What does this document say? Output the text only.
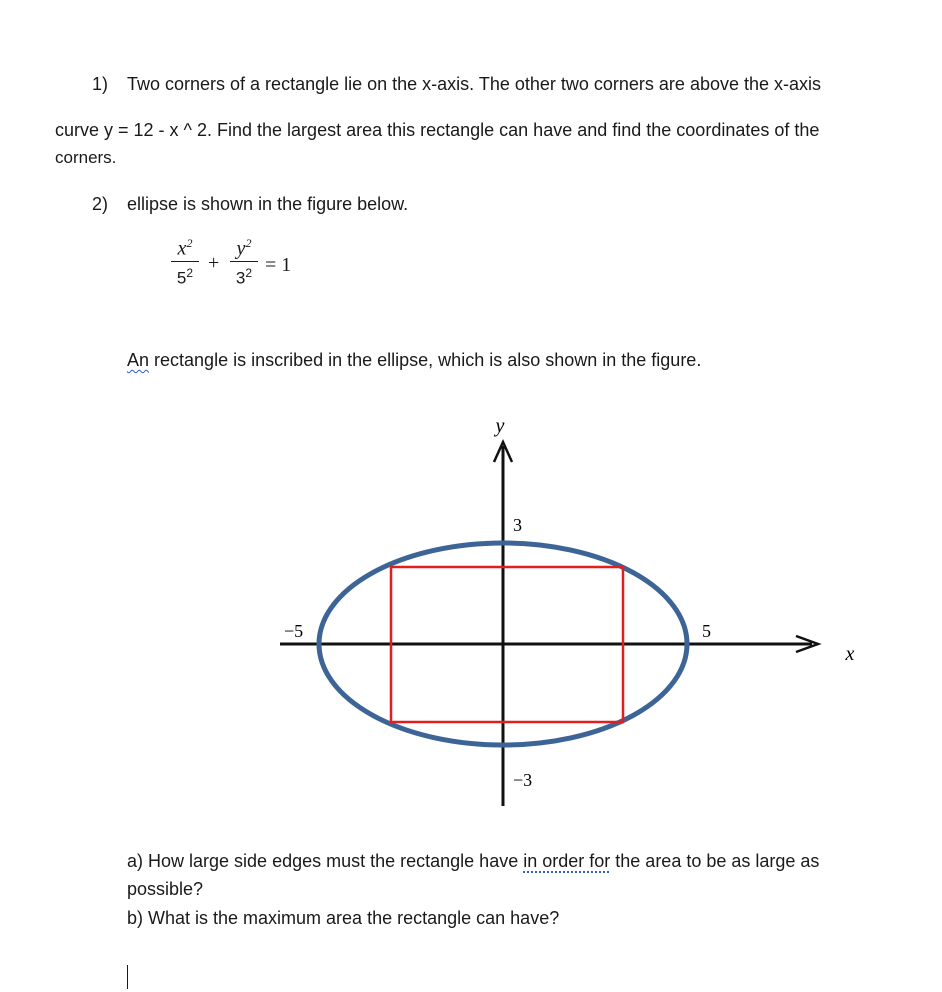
1) Two corners of a rectangle lie on the x-axis. The other two corners are above the x-axis
curve y = 12 - x ^ 2. Find the largest area this rectangle can have and find the coordinates of the
corners.
2) ellipse is shown in the figure below.
$x^2$
$5^2$ +
$y^2$
$3^2 = 1$
An rectangle is inscribed in the ellipse, which is also shown in the figure.
y
x
3
−3
−5	5
a) How large side edges must the rectangle have in order for the area to be as large as
possible?
b) What is the maximum area the rectangle can have?
